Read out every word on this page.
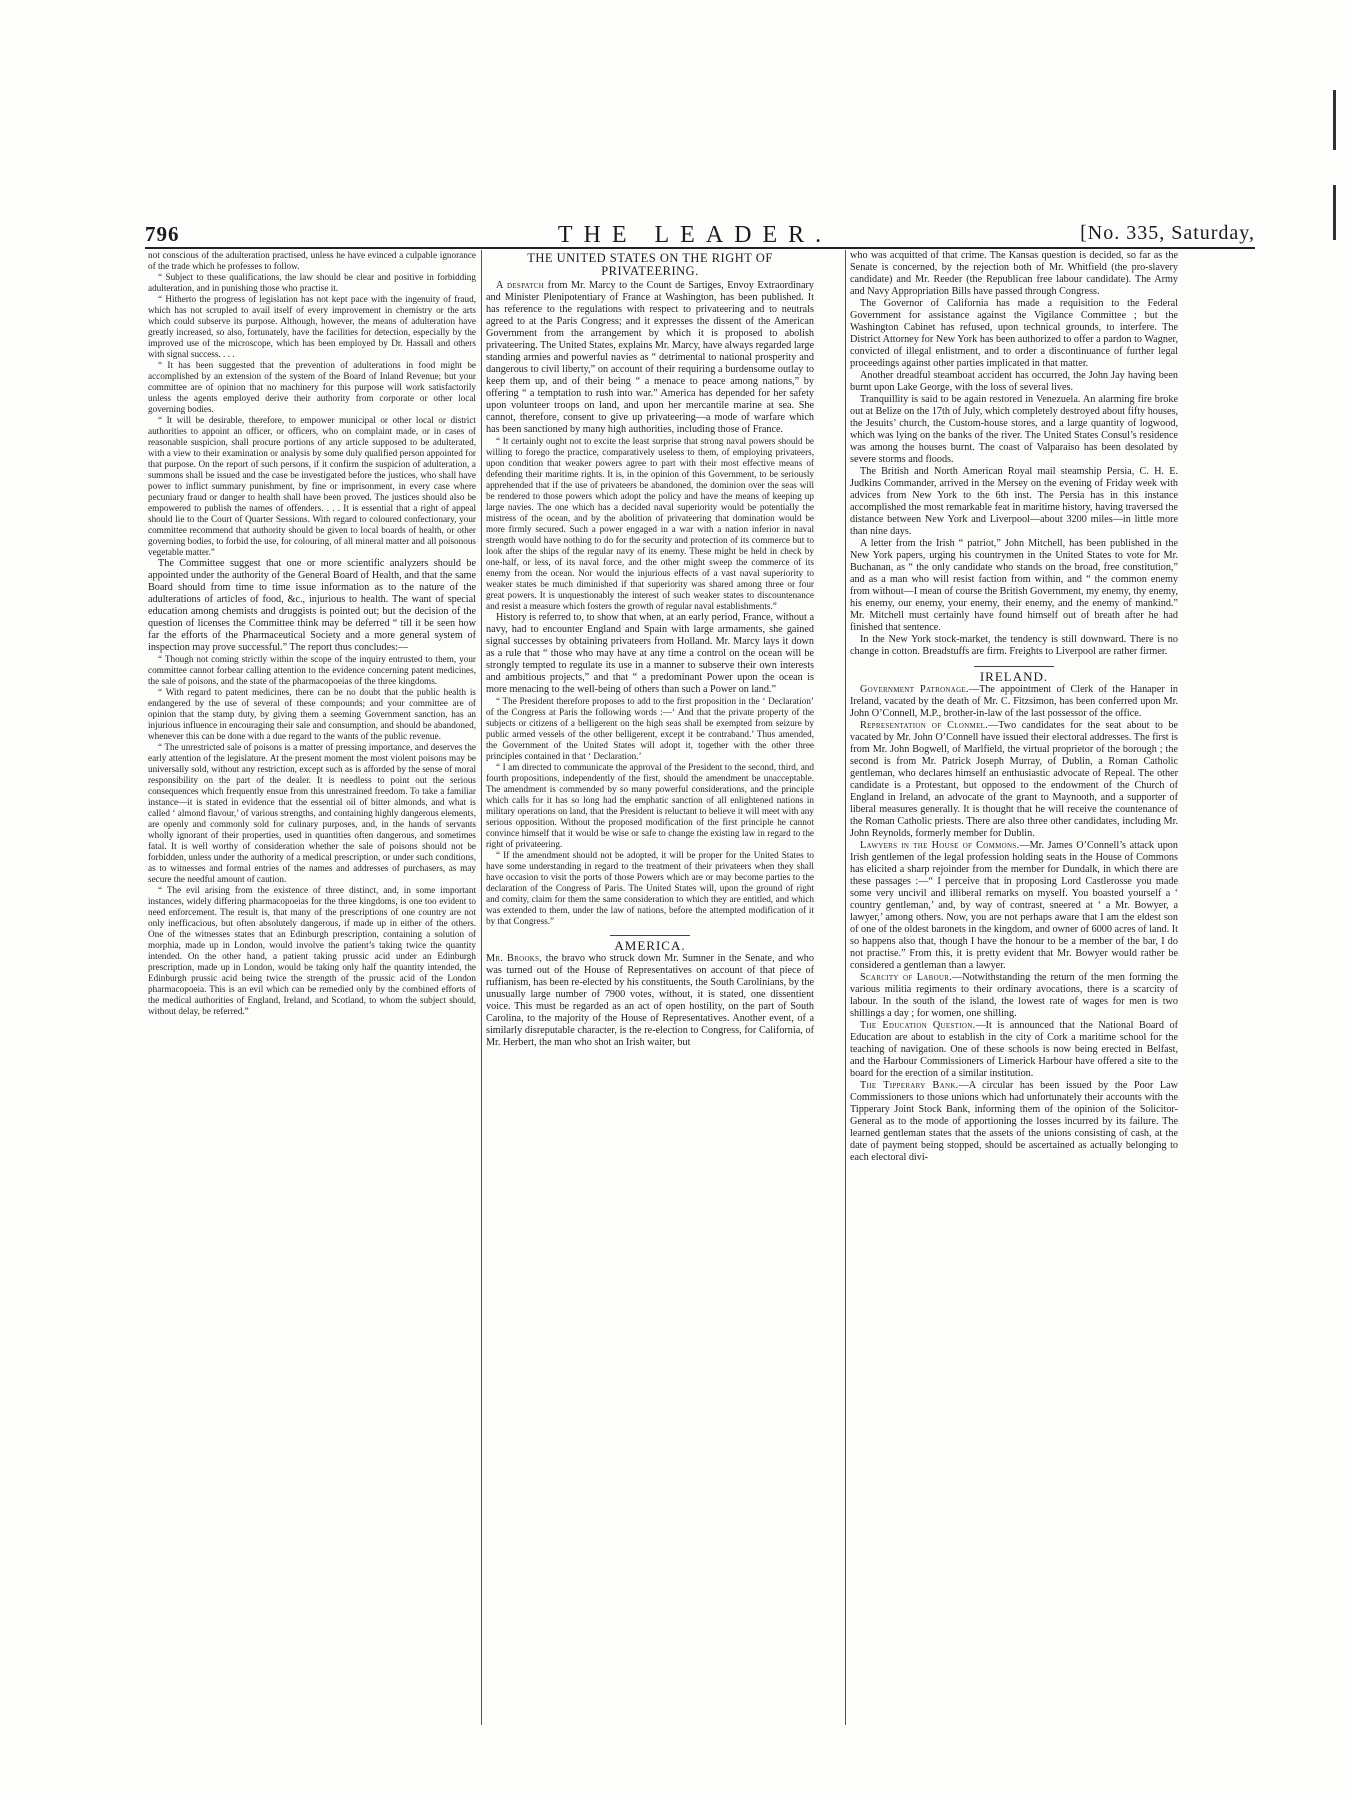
796	THE LEADER.	[No. 335, Saturday,

not conscious of the adulteration practised, unless he have evinced a culpable ignorance of the trade which he professes to follow.

“ Subject to these qualifications, the law should be clear and positive in forbidding adulteration, and in punishing those who practise it.

“ Hitherto the progress of legislation has not kept pace with the ingenuity of fraud, which has not scrupled to avail itself of every improvement in chemistry or the arts which could subserve its purpose. Although, however, the means of adulteration have greatly increased, so also, fortunately, have the facilities for detection, especially by the improved use of the microscope, which has been employed by Dr. Hassall and others with signal success. . . .

“ It has been suggested that the prevention of adulterations in food might be accomplished by an extension of the system of the Board of Inland Revenue; but your committee are of opinion that no machinery for this purpose will work satisfactorily unless the agents employed derive their authority from corporate or other local governing bodies.

“ It will be desirable, therefore, to empower municipal or other local or district authorities to appoint an officer, or officers, who on complaint made, or in cases of reasonable suspicion, shall procure portions of any article supposed to be adulterated, with a view to their examination or analysis by some duly qualified person appointed for that purpose. On the report of such persons, if it confirm the suspicion of adulteration, a summons shall be issued and the case be investigated before the justices, who shall have power to inflict summary punishment, by fine or imprisonment, in every case where pecuniary fraud or danger to health shall have been proved. The justices should also be empowered to publish the names of offenders. . . . It is essential that a right of appeal should lie to the Court of Quarter Sessions. With regard to coloured confectionary, your committee recommend that authority should be given to local boards of health, or other governing bodies, to forbid the use, for colouring, of all mineral matter and all poisonous vegetable matter.”

The Committee suggest that one or more scientific analyzers should be appointed under the authority of the General Board of Health, and that the same Board should from time to time issue information as to the nature of the adulterations of articles of food, &c., injurious to health. The want of special education among chemists and druggists is pointed out; but the decision of the question of licenses the Committee think may be deferred “ till it be seen how far the efforts of the Pharmaceutical Society and a more general system of inspection may prove successful.” The report thus concludes:—

“ Though not coming strictly within the scope of the inquiry entrusted to them, your committee cannot forbear calling attention to the evidence concerning patent medicines, the sale of poisons, and the state of the pharmacopoeias of the three kingdoms.

“ With regard to patent medicines, there can be no doubt that the public health is endangered by the use of several of these compounds; and your committee are of opinion that the stamp duty, by giving them a seeming Government sanction, has an injurious influence in encouraging their sale and consumption, and should be abandoned, whenever this can be done with a due regard to the wants of the public revenue.

“ The unrestricted sale of poisons is a matter of pressing importance, and deserves the early attention of the legislature. At the present moment the most violent poisons may be universally sold, without any restriction, except such as is afforded by the sense of moral responsibility on the part of the dealer. It is needless to point out the serious consequences which frequently ensue from this unrestrained freedom. To take a familiar instance—it is stated in evidence that the essential oil of bitter almonds, and what is called ‘ almond flavour,’ of various strengths, and containing highly dangerous elements, are openly and commonly sold for culinary purposes, and, in the hands of servants wholly ignorant of their properties, used in quantities often dangerous, and sometimes fatal. It is well worthy of consideration whether the sale of poisons should not be forbidden, unless under the authority of a medical prescription, or under such conditions, as to witnesses and formal entries of the names and addresses of purchasers, as may secure the needful amount of caution.

“ The evil arising from the existence of three distinct, and, in some important instances, widely differing pharmacopoeias for the three kingdoms, is one too evident to need enforcement. The result is, that many of the prescriptions of one country are not only inefficacious, but often absolutely dangerous, if made up in either of the others. One of the witnesses states that an Edinburgh prescription, containing a solution of morphia, made up in London, would involve the patient’s taking twice the quantity intended. On the other hand, a patient taking prussic acid under an Edinburgh prescription, made up in London, would be taking only half the quantity intended, the Edinburgh prussic acid being twice the strength of the prussic acid of the London pharmacopoeia. This is an evil which can be remedied only by the combined efforts of the medical authorities of England, Ireland, and Scotland, to whom the subject should, without delay, be referred.”

THE UNITED STATES ON THE RIGHT OF PRIVATEERING.

A despatch from Mr. Marcy to the Count de Sartiges, Envoy Extraordinary and Minister Plenipotentiary of France at Washington, has been published. It has reference to the regulations with respect to privateering and to neutrals agreed to at the Paris Congress; and it expresses the dissent of the American Government from the arrangement by which it is proposed to abolish privateering. The United States, explains Mr. Marcy, have always regarded large standing armies and powerful navies as “ detrimental to national prosperity and dangerous to civil liberty,” on account of their requiring a burdensome outlay to keep them up, and of their being “ a menace to peace among nations,” by offering “ a temptation to rush into war.” America has depended for her safety upon volunteer troops on land, and upon her mercantile marine at sea. She cannot, therefore, consent to give up privateering—a mode of warfare which has been sanctioned by many high authorities, including those of France.

“ It certainly ought not to excite the least surprise that strong naval powers should be willing to forego the practice, comparatively useless to them, of employing privateers, upon condition that weaker powers agree to part with their most effective means of defending their maritime rights. It is, in the opinion of this Government, to be seriously apprehended that if the use of privateers be abandoned, the dominion over the seas will be rendered to those powers which adopt the policy and have the means of keeping up large navies. The one which has a decided naval superiority would be potentially the mistress of the ocean, and by the abolition of privateering that domination would be more firmly secured. Such a power engaged in a war with a nation inferior in naval strength would have nothing to do for the security and protection of its commerce but to look after the ships of the regular navy of its enemy. These might be held in check by one-half, or less, of its naval force, and the other might sweep the commerce of its enemy from the ocean. Nor would the injurious effects of a vast naval superiority to weaker states be much diminished if that superiority was shared among three or four great powers. It is unquestionably the interest of such weaker states to discountenance and resist a measure which fosters the growth of regular naval establishments.”

History is referred to, to show that when, at an early period, France, without a navy, had to encounter England and Spain with large armaments, she gained signal successes by obtaining privateers from Holland. Mr. Marcy lays it down as a rule that “ those who may have at any time a control on the ocean will be strongly tempted to regulate its use in a manner to subserve their own interests and ambitious projects,” and that “ a predominant Power upon the ocean is more menacing to the well-being of others than such a Power on land.”

“ The President therefore proposes to add to the first proposition in the ‘ Declaration’ of the Congress at Paris the following words :—‘ And that the private property of the subjects or citizens of a belligerent on the high seas shall be exempted from seizure by public armed vessels of the other belligerent, except it be contraband.’ Thus amended, the Government of the United States will adopt it, together with the other three principles contained in that ‘ Declaration.’

“ I am directed to communicate the approval of the President to the second, third, and fourth propositions, independently of the first, should the amendment be unacceptable. The amendment is commended by so many powerful considerations, and the principle which calls for it has so long had the emphatic sanction of all enlightened nations in military operations on land, that the President is reluctant to believe it will meet with any serious opposition. Without the proposed modification of the first principle he cannot convince himself that it would be wise or safe to change the existing law in regard to the right of privateering.

“ If the amendment should not be adopted, it will be proper for the United States to have some understanding in regard to the treatment of their privateers when they shall have occasion to visit the ports of those Powers which are or may become parties to the declaration of the Congress of Paris. The United States will, upon the ground of right and comity, claim for them the same consideration to which they are entitled, and which was extended to them, under the law of nations, before the attempted modification of it by that Congress.”

AMERICA.

Mr. Brooks, the bravo who struck down Mr. Sumner in the Senate, and who was turned out of the House of Representatives on account of that piece of ruffianism, has been re-elected by his constituents, the South Carolinians, by the unusually large number of 7900 votes, without, it is stated, one dissentient voice. This must be regarded as an act of open hostility, on the part of South Carolina, to the majority of the House of Representatives. Another event, of a similarly disreputable character, is the re-election to Congress, for California, of Mr. Herbert, the man who shot an Irish waiter, but

who was acquitted of that crime. The Kansas question is decided, so far as the Senate is concerned, by the rejection both of Mr. Whitfield (the pro-slavery candidate) and Mr. Reeder (the Republican free labour candidate). The Army and Navy Appropriation Bills have passed through Congress.

The Governor of California has made a requisition to the Federal Government for assistance against the Vigilance Committee ; but the Washington Cabinet has refused, upon technical grounds, to interfere. The District Attorney for New York has been authorized to offer a pardon to Wagner, convicted of illegal enlistment, and to order a discontinuance of further legal proceedings against other parties implicated in that matter.

Another dreadful steamboat accident has occurred, the John Jay having been burnt upon Lake George, with the loss of several lives.

Tranquillity is said to be again restored in Venezuela. An alarming fire broke out at Belize on the 17th of July, which completely destroyed about fifty houses, the Jesuits’ church, the Custom-house stores, and a large quantity of logwood, which was lying on the banks of the river. The United States Consul’s residence was among the houses burnt. The coast of Valparaiso has been desolated by severe storms and floods.

The British and North American Royal mail steamship Persia, C. H. E. Judkins Commander, arrived in the Mersey on the evening of Friday week with advices from New York to the 6th inst. The Persia has in this instance accomplished the most remarkable feat in maritime history, having traversed the distance between New York and Liverpool—about 3200 miles—in little more than nine days.

A letter from the Irish “ patriot,” John Mitchell, has been published in the New York papers, urging his countrymen in the United States to vote for Mr. Buchanan, as “ the only candidate who stands on the broad, free constitution,” and as a man who will resist faction from within, and “ the common enemy from without—I mean of course the British Government, my enemy, thy enemy, his enemy, our enemy, your enemy, their enemy, and the enemy of mankind.” Mr. Mitchell must certainly have found himself out of breath after he had finished that sentence.

In the New York stock-market, the tendency is still downward. There is no change in cotton. Breadstuffs are firm. Freights to Liverpool are rather firmer.

IRELAND.

Government Patronage.—The appointment of Clerk of the Hanaper in Ireland, vacated by the death of Mr. C. Fitzsimon, has been conferred upon Mr. John O’Connell, M.P., brother-in-law of the last possessor of the office.

Representation of Clonmel.—Two candidates for the seat about to be vacated by Mr. John O’Connell have issued their electoral addresses. The first is from Mr. John Bogwell, of Marlfield, the virtual proprietor of the borough ; the second is from Mr. Patrick Joseph Murray, of Dublin, a Roman Catholic gentleman, who declares himself an enthusiastic advocate of Repeal. The other candidate is a Protestant, but opposed to the endowment of the Church of England in Ireland, an advocate of the grant to Maynooth, and a supporter of liberal measures generally. It is thought that he will receive the countenance of the Roman Catholic priests. There are also three other candidates, including Mr. John Reynolds, formerly member for Dublin.

Lawyers in the House of Commons.—Mr. James O’Connell’s attack upon Irish gentlemen of the legal profession holding seats in the House of Commons has elicited a sharp rejoinder from the member for Dundalk, in which there are these passages :—“ I perceive that in proposing Lord Castlerosse you made some very uncivil and illiberal remarks on myself. You boasted yourself a ‘ country gentleman,’ and, by way of contrast, sneered at ‘ a Mr. Bowyer, a lawyer,’ among others. Now, you are not perhaps aware that I am the eldest son of one of the oldest baronets in the kingdom, and owner of 6000 acres of land. It so happens also that, though I have the honour to be a member of the bar, I do not practise.” From this, it is pretty evident that Mr. Bowyer would rather be considered a gentleman than a lawyer.

Scarcity of Labour.—Notwithstanding the return of the men forming the various militia regiments to their ordinary avocations, there is a scarcity of labour. In the south of the island, the lowest rate of wages for men is two shillings a day ; for women, one shilling.

The Education Question.—It is announced that the National Board of Education are about to establish in the city of Cork a maritime school for the teaching of navigation. One of these schools is now being erected in Belfast, and the Harbour Commissioners of Limerick Harbour have offered a site to the board for the erection of a similar institution.

The Tipperary Bank.—A circular has been issued by the Poor Law Commissioners to those unions which had unfortunately their accounts with the Tipperary Joint Stock Bank, informing them of the opinion of the Solicitor-General as to the mode of apportioning the losses incurred by its failure. The learned gentleman states that the assets of the unions consisting of cash, at the date of payment being stopped, should be ascertained as actually belonging to each electoral divi-
